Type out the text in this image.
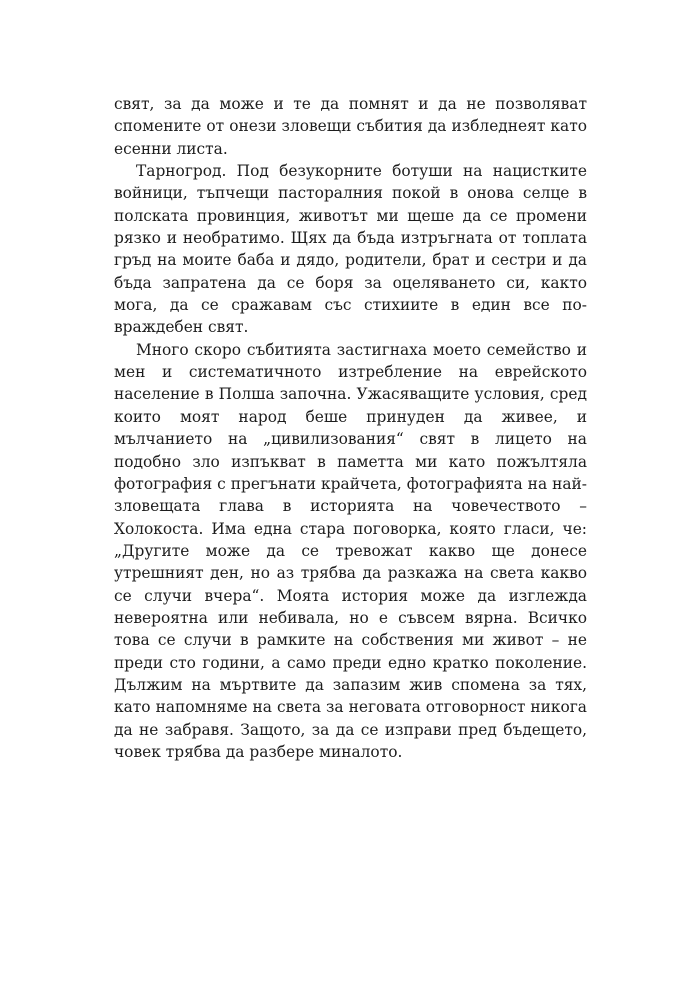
свят, за да може и те да помнят и да не позволяват спомените от онези зловещи събития да избледнеят като есенни листа.

Тарногрод. Под безукорните ботуши на нацистките войници, тъпчещи пасторалния покой в онова селце в полската провинция, животът ми щеше да се промени рязко и необратимо. Щях да бъда изтръгната от топлата гръд на моите баба и дядо, родители, брат и сестри и да бъда запратена да се боря за оцеляването си, както мога, да се сражавам със стихиите в един все по-враждебен свят.

Много скоро събитията застигнаха моето семейство и мен и систематичното изтребление на еврейското население в Полша започна. Ужасяващите условия, сред които моят народ беше принуден да живее, и мълчанието на „цивилизования“ свят в лицето на подобно зло изпъкват в паметта ми като пожълтяла фотография с прегънати крайчета, фотографията на най-зловещата глава в историята на човечеството – Холокоста. Има една стара поговорка, която гласи, че: „Другите може да се тревожат какво ще донесе утрешният ден, но аз трябва да разкажа на света какво се случи вчера“. Моята история може да изглежда невероятна или небивала, но е съвсем вярна. Всичко това се случи в рамките на собствения ми живот – не преди сто години, а само преди едно кратко поколение. Дължим на мъртвите да запазим жив спомена за тях, като напомняме на света за неговата отговорност никога да не забравя. Защото, за да се изправи пред бъдещето, човек трябва да разбере миналото.
